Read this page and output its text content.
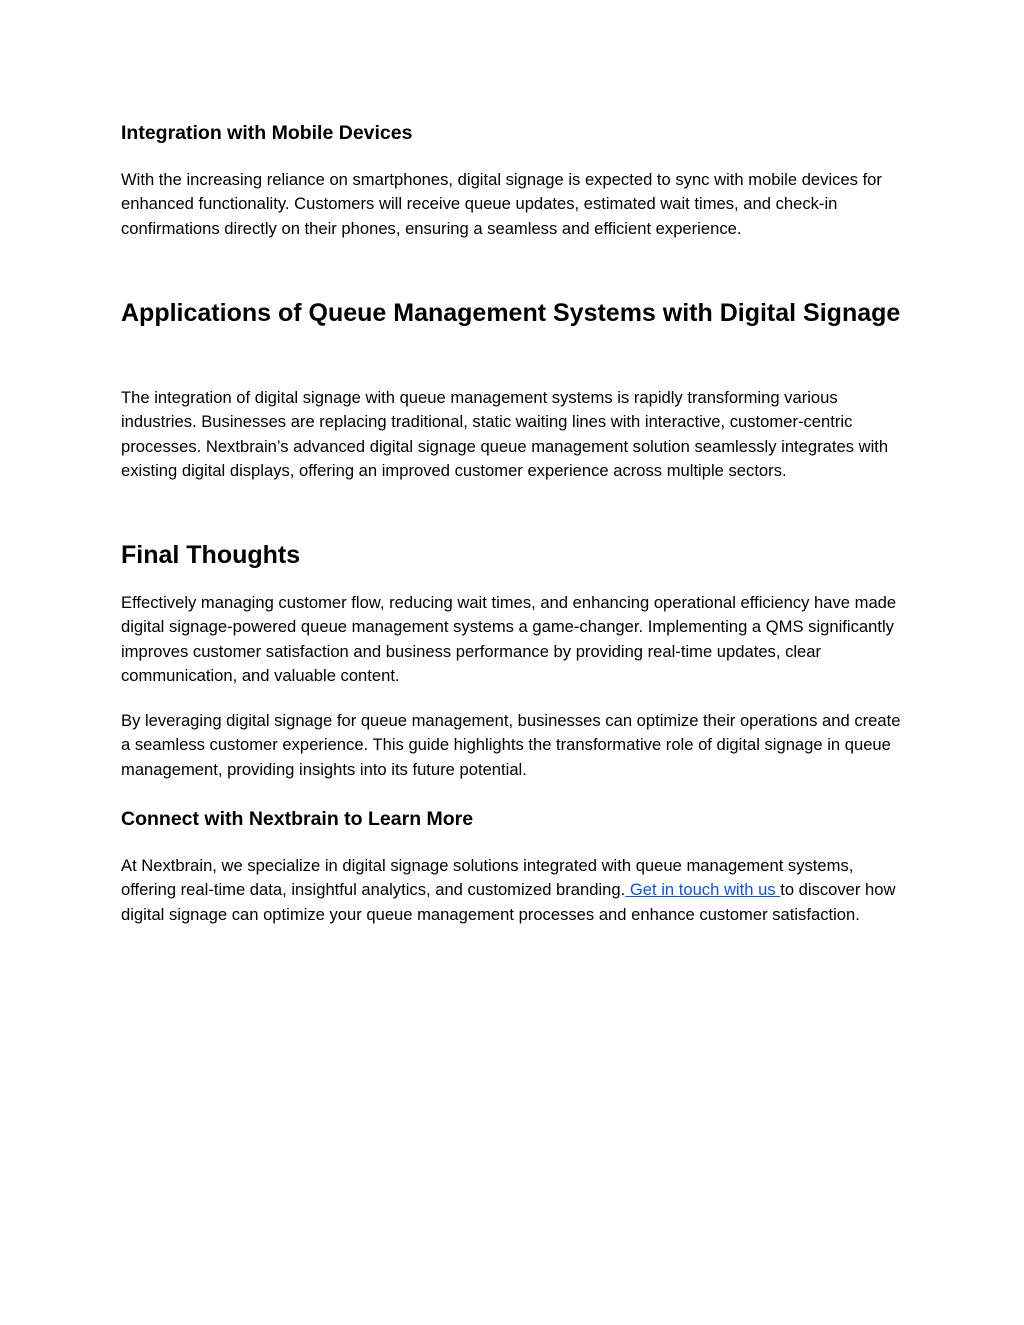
Integration with Mobile Devices

With the increasing reliance on smartphones, digital signage is expected to sync with mobile devices for enhanced functionality. Customers will receive queue updates, estimated wait times, and check-in confirmations directly on their phones, ensuring a seamless and efficient experience.

Applications of Queue Management Systems with Digital Signage

The integration of digital signage with queue management systems is rapidly transforming various industries. Businesses are replacing traditional, static waiting lines with interactive, customer-centric processes. Nextbrain’s advanced digital signage queue management solution seamlessly integrates with existing digital displays, offering an improved customer experience across multiple sectors.

Final Thoughts

Effectively managing customer flow, reducing wait times, and enhancing operational efficiency have made digital signage-powered queue management systems a game-changer. Implementing a QMS significantly improves customer satisfaction and business performance by providing real-time updates, clear communication, and valuable content.

By leveraging digital signage for queue management, businesses can optimize their operations and create a seamless customer experience. This guide highlights the transformative role of digital signage in queue management, providing insights into its future potential.

Connect with Nextbrain to Learn More

At Nextbrain, we specialize in digital signage solutions integrated with queue management systems, offering real-time data, insightful analytics, and customized branding. Get in touch with us to discover how digital signage can optimize your queue management processes and enhance customer satisfaction.
